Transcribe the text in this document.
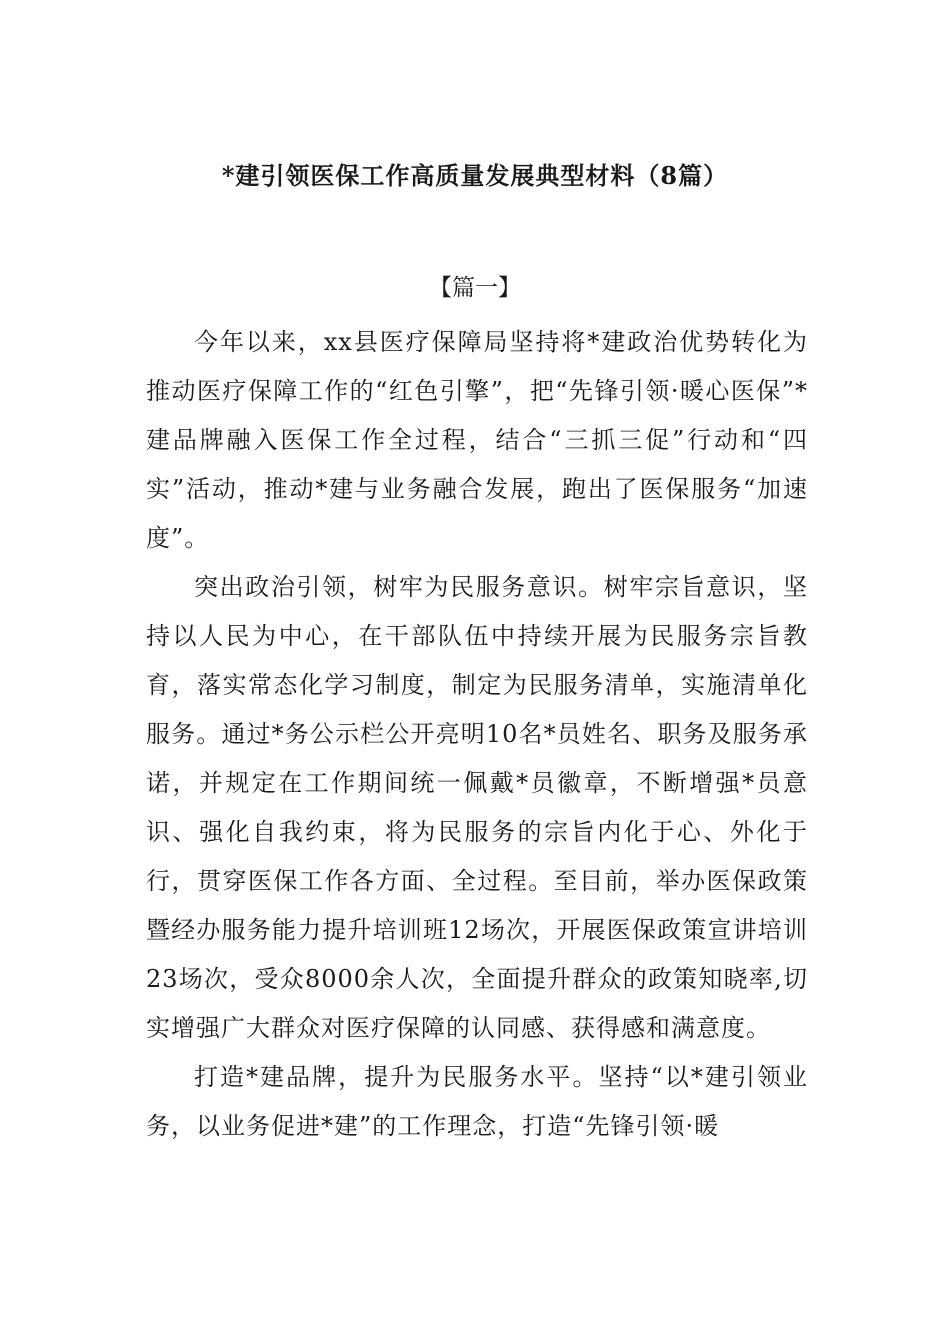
*建引领医保工作高质量发展典型材料（8篇）
【篇一】

今年以来，xx县医疗保障局坚持将*建政治优势转化为推动医疗保障工作的“红色引擎”，把“先锋引领·暖心医保”*建品牌融入医保工作全过程，结合“三抓三促”行动和“四实”活动，推动*建与业务融合发展，跑出了医保服务“加速度”。

突出政治引领，树牢为民服务意识。树牢宗旨意识，坚持以人民为中心，在干部队伍中持续开展为民服务宗旨教育，落实常态化学习制度，制定为民服务清单，实施清单化服务。通过*务公示栏公开亮明10名*员姓名、职务及服务承诺，并规定在工作期间统一佩戴*员徽章，不断增强*员意识、强化自我约束，将为民服务的宗旨内化于心、外化于行，贯穿医保工作各方面、全过程。至目前，举办医保政策暨经办服务能力提升培训班12场次，开展医保政策宣讲培训23场次，受众8000余人次，全面提升群众的政策知晓率,切实增强广大群众对医疗保障的认同感、获得感和满意度。

打造*建品牌，提升为民服务水平。坚持“以*建引领业务，以业务促进*建”的工作理念，打造“先锋引领·暖
